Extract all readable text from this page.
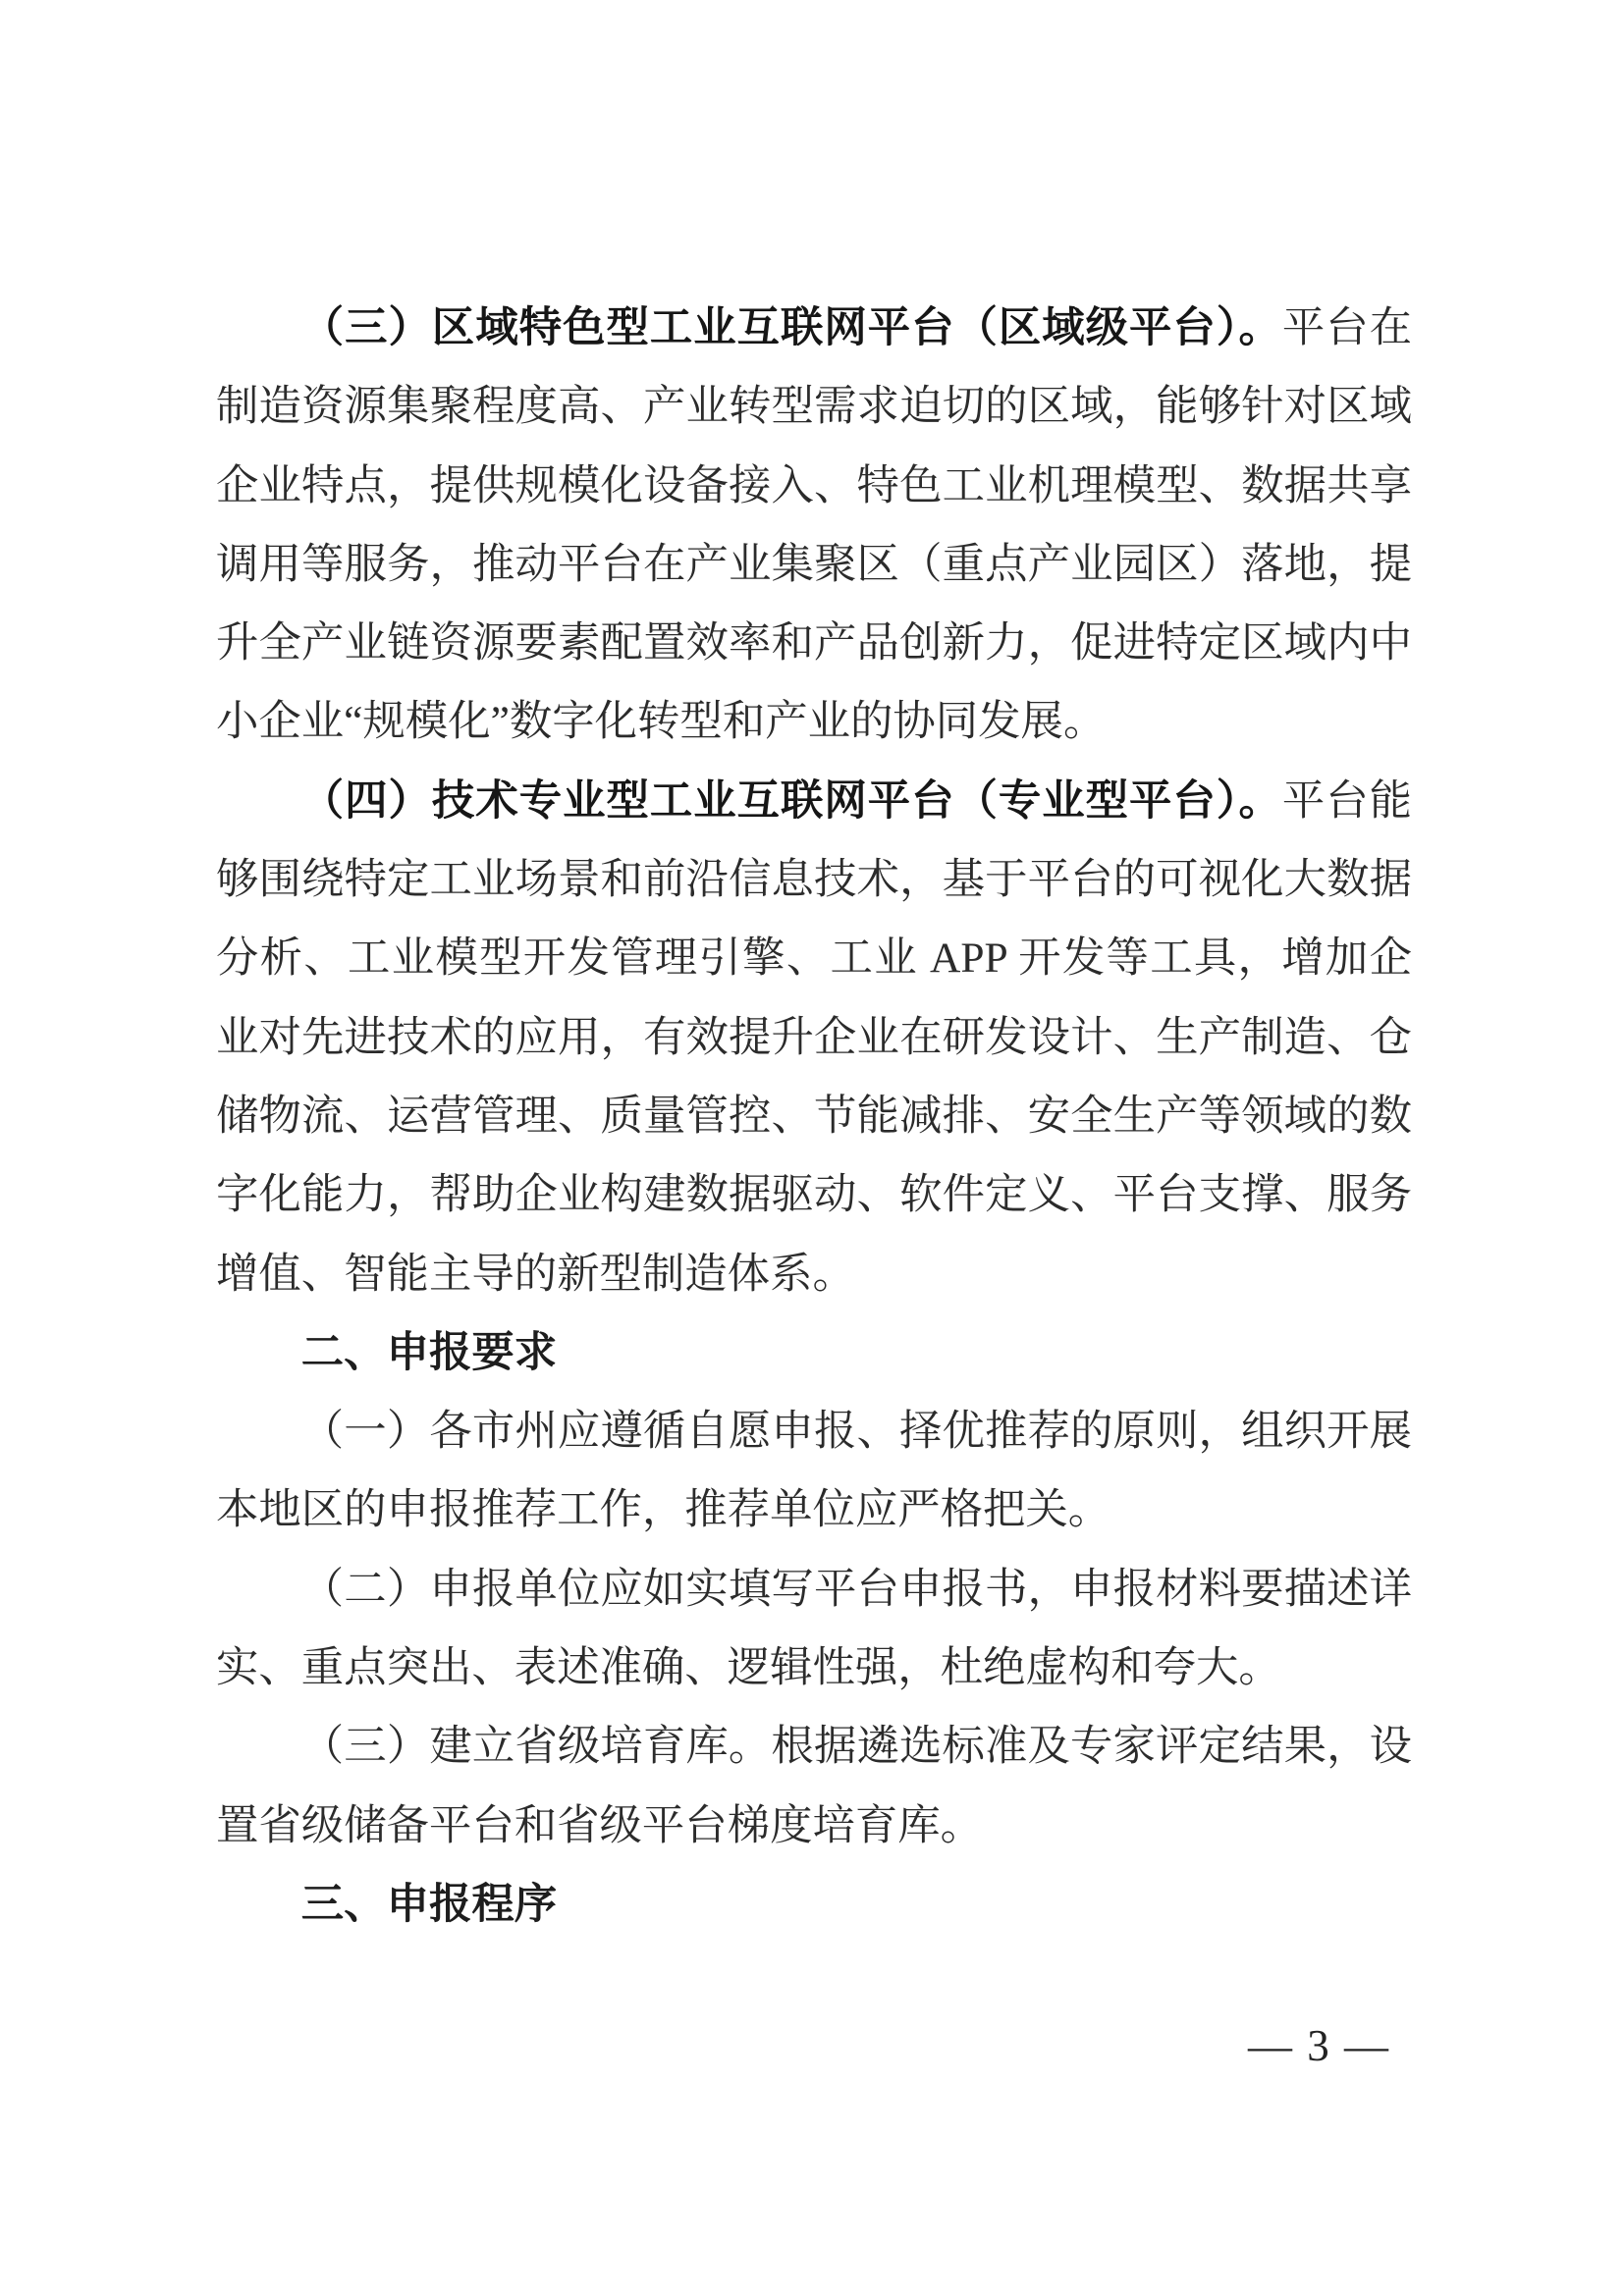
（三）区域特色型工业互联网平台（区域级平台）。平台在制造资源集聚程度高、产业转型需求迫切的区域，能够针对区域企业特点，提供规模化设备接入、特色工业机理模型、数据共享调用等服务，推动平台在产业集聚区（重点产业园区）落地，提升全产业链资源要素配置效率和产品创新力，促进特定区域内中小企业“规模化”数字化转型和产业的协同发展。

（四）技术专业型工业互联网平台（专业型平台）。平台能够围绕特定工业场景和前沿信息技术，基于平台的可视化大数据分析、工业模型开发管理引擎、工业 APP 开发等工具，增加企业对先进技术的应用，有效提升企业在研发设计、生产制造、仓储物流、运营管理、质量管控、节能减排、安全生产等领域的数字化能力，帮助企业构建数据驱动、软件定义、平台支撑、服务增值、智能主导的新型制造体系。

二、申报要求

（一）各市州应遵循自愿申报、择优推荐的原则，组织开展本地区的申报推荐工作，推荐单位应严格把关。

（二）申报单位应如实填写平台申报书，申报材料要描述详实、重点突出、表述准确、逻辑性强，杜绝虚构和夸大。

（三）建立省级培育库。根据遴选标准及专家评定结果，设置省级储备平台和省级平台梯度培育库。

三、申报程序
— 3 —
